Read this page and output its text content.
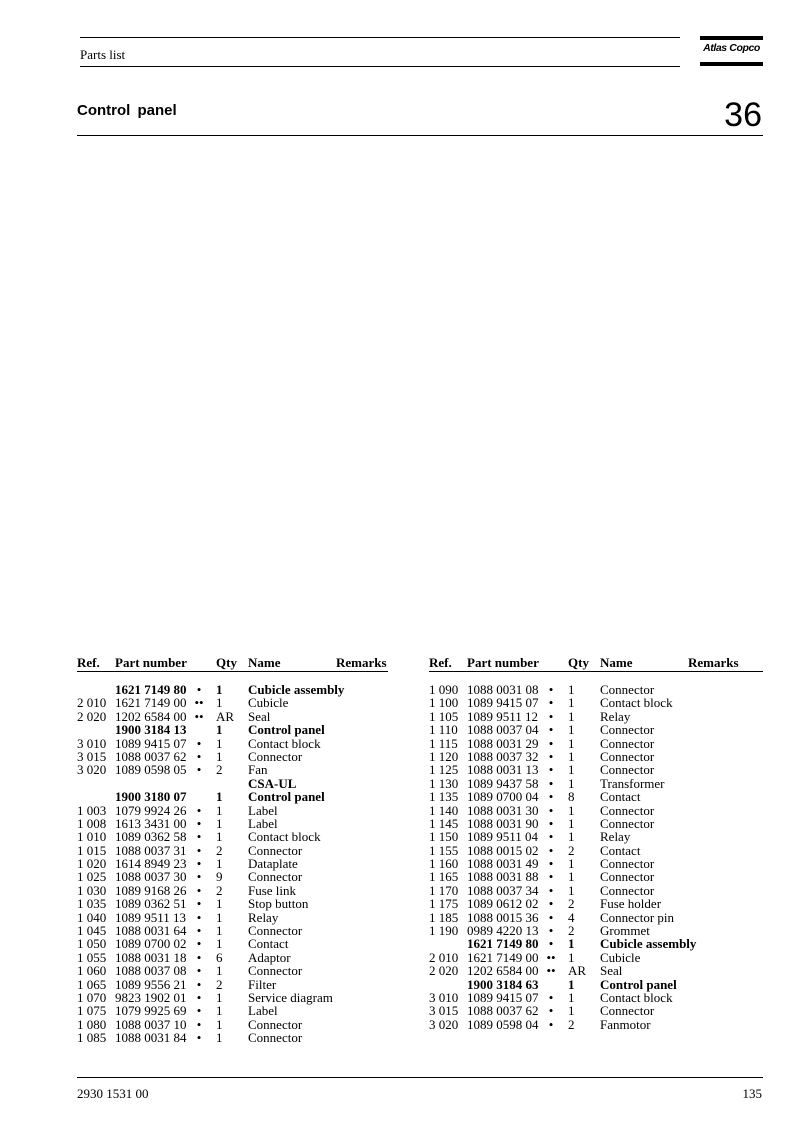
Parts list	Atlas Copco
Control panel	36
Ref. Part number Qty Name	Remarks
1621 7149 80 •	1 Cubicle assembly
2 010 1621 7149 00 •• 1 Cubicle
2 020 1202 6584 00 •• AR Seal
1900 3184 13 1 Control panel
3 010 1089 9415 07 •	1 Contact block
3 015 1088 0037 62 •	1 Connector
3 020 1089 0598 05 •	2 Fan
CSA-UL
1900 3180 07 1 Control panel
1 003 1079 9924 26 •	1 Label
1 008 1613 3431 00 •	1 Label
1 010 1089 0362 58 •	1 Contact block
1 015 1088 0037 31 •	2 Connector
1 020 1614 8949 23 •	1 Dataplate
1 025 1088 0037 30 •	9 Connector
1 030 1089 9168 26 •	2 Fuse link
1 035 1089 0362 51 •	1 Stop button
1 040 1089 9511 13 •	1 Relay
1 045 1088 0031 64 •	1 Connector
1 050 1089 0700 02 •	1 Contact
1 055 1088 0031 18 •	6 Adaptor
1 060 1088 0037 08 •	1 Connector
1 065 1089 9556 21 •	2 Filter
1 070 9823 1902 01 •	1 Service diagram
1 075 1079 9925 69 •	1 Label
1 080 1088 0037 10 •	1 Connector
1 085 1088 0031 84 •	1 Connector
Ref. Part number Qty Name	Remarks
1 090 1088 0031 08 •	1 Connector
1 100 1089 9415 07 •	1 Contact block
1 105 1089 9511 12 •	1 Relay
1 110 1088 0037 04 •	1 Connector
1 115 1088 0031 29 •	1 Connector
1 120 1088 0037 32 •	1 Connector
1 125 1088 0031 13 •	1 Connector
1 130 1089 9437 58 •	1 Transformer
1 135 1089 0700 04 •	8 Contact
1 140 1088 0031 30 •	1 Connector
1 145 1088 0031 90 •	1 Connector
1 150 1089 9511 04 •	1 Relay
1 155 1088 0015 02 •	2 Contact
1 160 1088 0031 49 •	1 Connector
1 165 1088 0031 88 •	1 Connector
1 170 1088 0037 34 •	1 Connector
1 175 1089 0612 02 •	2 Fuse holder
1 185 1088 0015 36 •	4 Connector pin
1 190 0989 4220 13 •	2 Grommet
1621 7149 80 •	1 Cubicle assembly
2 010 1621 7149 00 •• 1 Cubicle
2 020 1202 6584 00 •• AR Seal
1900 3184 63 1 Control panel
3 010 1089 9415 07 •	1 Contact block
3 015 1088 0037 62 •	1 Connector
3 020 1089 0598 04 •	2 Fanmotor
2930 1531 00	135
